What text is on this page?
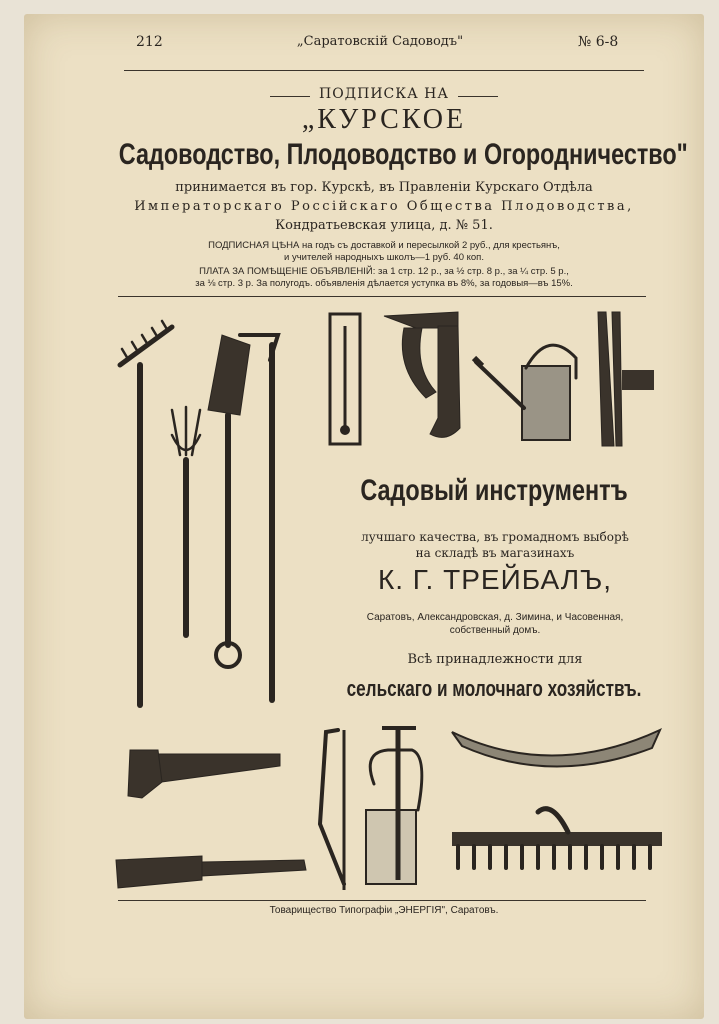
212	„Саратовскій Садоводъ"	№ 6-8
ПОДПИСКА НА
„КУРСКОЕ
Садоводство, Плодоводство и Огородничество"
принимается въ гор. Курскѣ, въ Правленіи Курскаго Отдѣла
Императорскаго Россійскаго Общества Плодоводства,
Кондратьевская улица, д. № 51.
ПОДПИСНАЯ ЦѢНА на годъ съ доставкой и пересылкой 2 руб., для крестьянъ,
и учителей народныхъ школъ—1 руб. 40 коп.
ПЛАТА ЗА ПОМѢЩЕНІЕ ОБЪЯВЛЕНІЙ: за 1 стр. 12 р., за ½ стр. 8 р., за ¼ стр. 5 р.,
за ⅛ стр. 3 р. За полугодъ. объявленія дѣлается уступка въ 8%, за годовыя—въ 15%.
Садовый инструментъ
лучшаго качества, въ громадномъ выборѣ
на складѣ въ магазинахъ
К. Г. ТРЕЙБАЛЪ,
Саратовъ, Александровская, д. Зимина, и Часовенная,
собственный домъ.
Всѣ принадлежности для
сельскаго и молочнаго хозяйствъ.
Товарищество Типографіи „ЭНЕРГІЯ", Саратовъ.
